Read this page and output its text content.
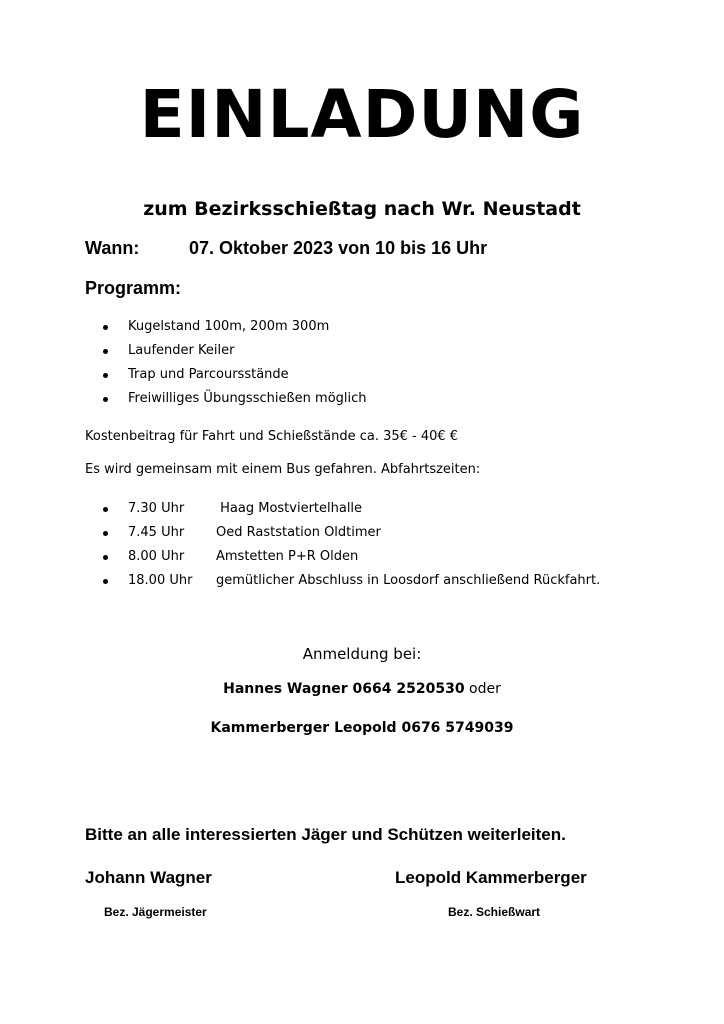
EINLADUNG
zum Bezirksschießtag nach Wr. Neustadt
Wann:	07. Oktober 2023 von 10 bis 16 Uhr
Programm:
Kugelstand 100m, 200m 300m
Laufender Keiler
Trap und Parcoursstände
Freiwilliges Übungsschießen möglich
Kostenbeitrag für Fahrt und Schießstände ca. 35€ - 40€ €
Es wird gemeinsam mit einem Bus gefahren. Abfahrtszeiten:
7.30 Uhr Haag Mostviertelhalle
7.45 Uhr Oed Raststation Oldtimer
8.00 Uhr Amstetten P+R Olden
18.00 Uhr gemütlicher Abschluss in Loosdorf anschließend Rückfahrt.
Anmeldung bei:
Hannes Wagner 0664 2520530 oder
Kammerberger Leopold 0676 5749039
Bitte an alle interessierten Jäger und Schützen weiterleiten.
Johann Wagner
Bez. Jägermeister
Leopold Kammerberger
Bez. Schießwart
